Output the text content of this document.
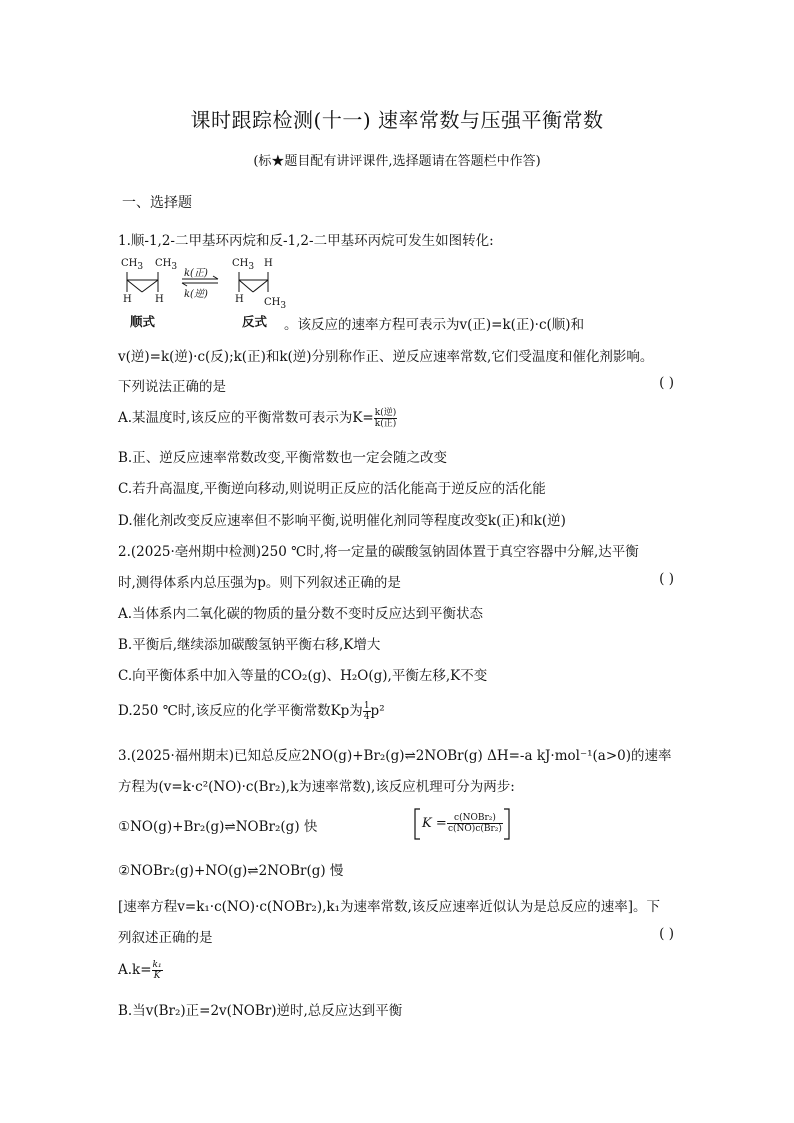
课时跟踪检测(十一) 速率常数与压强平衡常数
(标★题目配有讲评课件,选择题请在答题栏中作答)
一、选择题
1.顺-1,2-二甲基环丙烷和反-1,2-二甲基环丙烷可发生如图转化:
$CH_3$ $CH_3$
H H
k(正)
k(逆)
$CH_3$ H
H $CH_3$
顺式	反式 。该反应的速率方程可表示为v(正)=k(正)·c(顺)和
v(逆)=k(逆)·c(反);k(正)和k(逆)分别称作正、逆反应速率常数,它们受温度和催化剂影响。
下列说法正确的是	( )
A.某温度时,该反应的平衡常数可表示为$K= \frac{\text{k(逆)}}{\text{k(正)}}$
B.正、逆反应速率常数改变,平衡常数也一定会随之改变
C.若升高温度,平衡逆向移动,则说明正反应的活化能高于逆反应的活化能
D.催化剂改变反应速率但不影响平衡,说明催化剂同等程度改变k(正)和k(逆)
2.(2025·亳州期中检测)250 ℃时,将一定量的碳酸氢钠固体置于真空容器中分解,达平衡
时,测得体系内总压强为p。则下列叙述正确的是	( )
A.当体系内二氧化碳的物质的量分数不变时反应达到平衡状态
B.平衡后,继续添加碳酸氢钠平衡右移,K增大
C.向平衡体系中加入等量的CO₂(g)、H₂O(g),平衡左移,K不变
D.250 ℃时,该反应的化学平衡常数Kp为 $\frac{1}{4} p^2$
3.(2025·福州期末)已知总反应2NO(g)+Br₂(g)⇌2NOBr(g) ΔH=-a kJ·mol⁻¹(a>0)的速率
方程为(v=k·c²(NO)·c(Br₂),k为速率常数),该反应机理可分为两步:
①NO(g)+Br₂(g)⇌NOBr₂(g) 快	K = c(NOBr₂)
c(NO)c(Br₂)
②NOBr₂(g)+NO(g)⇌2NOBr(g) 慢
[速率方程v=k₁·c(NO)·c(NOBr₂),k₁为速率常数,该反应速率近似认为是总反应的速率]。下
列叙述正确的是	( )
$A.k= \frac{\text{k₁}}{K}$
B.当v(Br₂)正=2v(NOBr)逆时,总反应达到平衡
